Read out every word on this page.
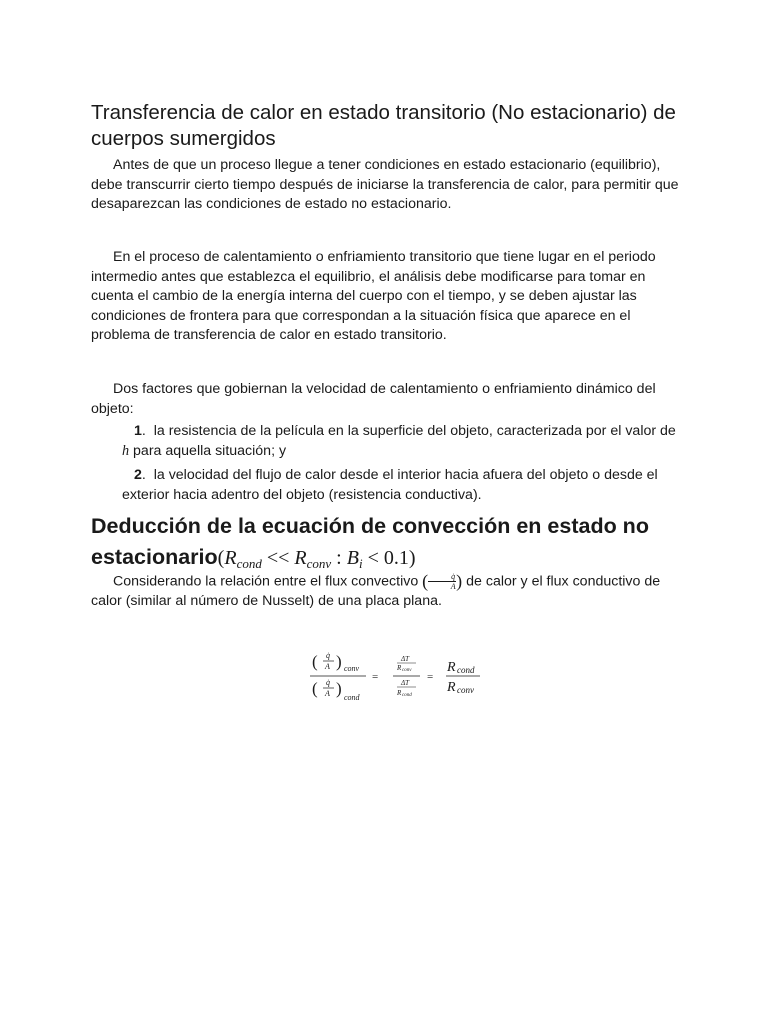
Transferencia de calor en estado transitorio (No estacionario) de cuerpos sumergidos

Antes de que un proceso llegue a tener condiciones en estado estacionario (equilibrio), debe transcurrir cierto tiempo después de iniciarse la transferencia de calor, para permitir que desaparezcan las condiciones de estado no estacionario.

En el proceso de calentamiento o enfriamiento transitorio que tiene lugar en el periodo intermedio antes que establezca el equilibrio, el análisis debe modificarse para tomar en cuenta el cambio de la energía interna del cuerpo con el tiempo, y se deben ajustar las condiciones de frontera para que correspondan a la situación física que aparece en el problema de transferencia de calor en estado transitorio.

Dos factores que gobiernan la velocidad de calentamiento o enfriamiento dinámico del objeto:

1.  la resistencia de la película en la superficie del objeto, caracterizada por el valor de h para aquella situación; y

2.  la velocidad del flujo de calor desde el interior hacia afuera del objeto o desde el exterior hacia adentro del objeto (resistencia conductiva).

Deducción de la ecuación de convección en estado no $estacionario(R_{cond} << R_{conv}$ : $B_i < 0.1$)

Considerando la relación entre el flux convectivo ( $\frac{q̇}{A}$ ) de calor y el flux conductivo de calor (similar al número de Nusselt) de una placa plana.

( q̇
A ) conv
( q̇
A ) cond
=
ΔT
R conv
ΔT
R cond
=
R cond
R conv
